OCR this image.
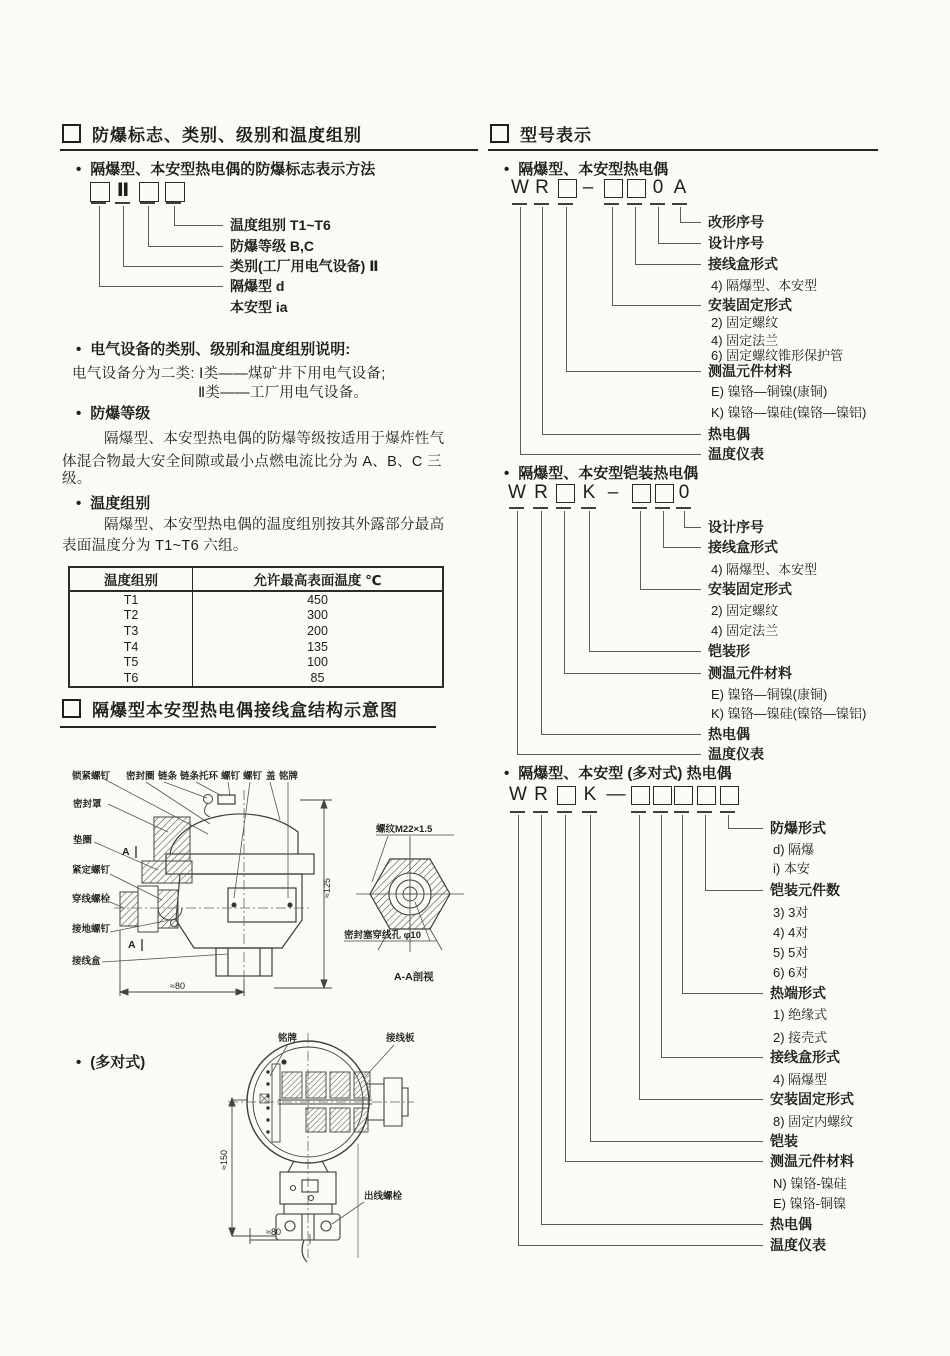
防爆标志、类别、级别和温度组别
• 隔爆型、本安型热电偶的防爆标志表示方法
Ⅱ
温度组别 T1~T6
防爆等级 B,C
类别(工厂用电气设备) Ⅱ
隔爆型 d
本安型 ia
• 电气设备的类别、级别和温度组别说明:
电气设备分为二类: Ⅰ类——煤矿井下用电气设备;
Ⅱ类——工厂用电气设备。
• 防爆等级
隔爆型、本安型热电偶的防爆等级按适用于爆炸性气
体混合物最大安全间隙或最小点燃电流比分为 A、B、C 三
级。
• 温度组别
隔爆型、本安型热电偶的温度组别按其外露部分最高
表面温度分为 T1~T6 六组。
温度组别	允许最高表面温度 ℃
T1	450
T2	300
T3	200
T4	135
T5	100
T6	85
隔爆型本安型热电偶接线盒结构示意图
锁紧螺钉
密封罩
垫圈
紧定螺钉
穿线螺栓
接地螺钉
接线盒
密封圈 链条 链条托环 螺钉 螺钉 盖 铭牌
≈125
≈80
A
A
螺纹M22×1.5
密封塞穿线孔 φ10
A-A剖视
• (多对式)
铭牌	接线板
出线螺栓
≈150
≈80
型号表示
• 隔爆型、本安型热电偶
W R –	0 A
改形序号
设计序号
接线盒形式
4) 隔爆型、本安型
安装固定形式
2) 固定螺纹
4) 固定法兰
6) 固定螺纹锥形保护管
测温元件材料
E) 镍铬—铜镍(康铜)
K) 镍铬—镍硅(镍铬—镍铝)
热电偶
温度仪表
• 隔爆型、本安型铠装热电偶
W R K –	0
设计序号
接线盒形式
4) 隔爆型、本安型
安装固定形式
2) 固定螺纹
4) 固定法兰
铠装形
测温元件材料
E) 镍铬—铜镍(康铜)
K) 镍铬—镍硅(镍铬—镍铝)
热电偶
温度仪表
• 隔爆型、本安型 (多对式) 热电偶
W R K —
防爆形式
d) 隔爆
i) 本安
铠装元件数
3) 3对
4) 4对
5) 5对
6) 6对
热端形式
1) 绝缘式
2) 接壳式
接线盒形式
4) 隔爆型
安装固定形式
8) 固定内螺纹
铠装
测温元件材料
N) 镍铬-镍硅
E) 镍铬-铜镍
热电偶
温度仪表
